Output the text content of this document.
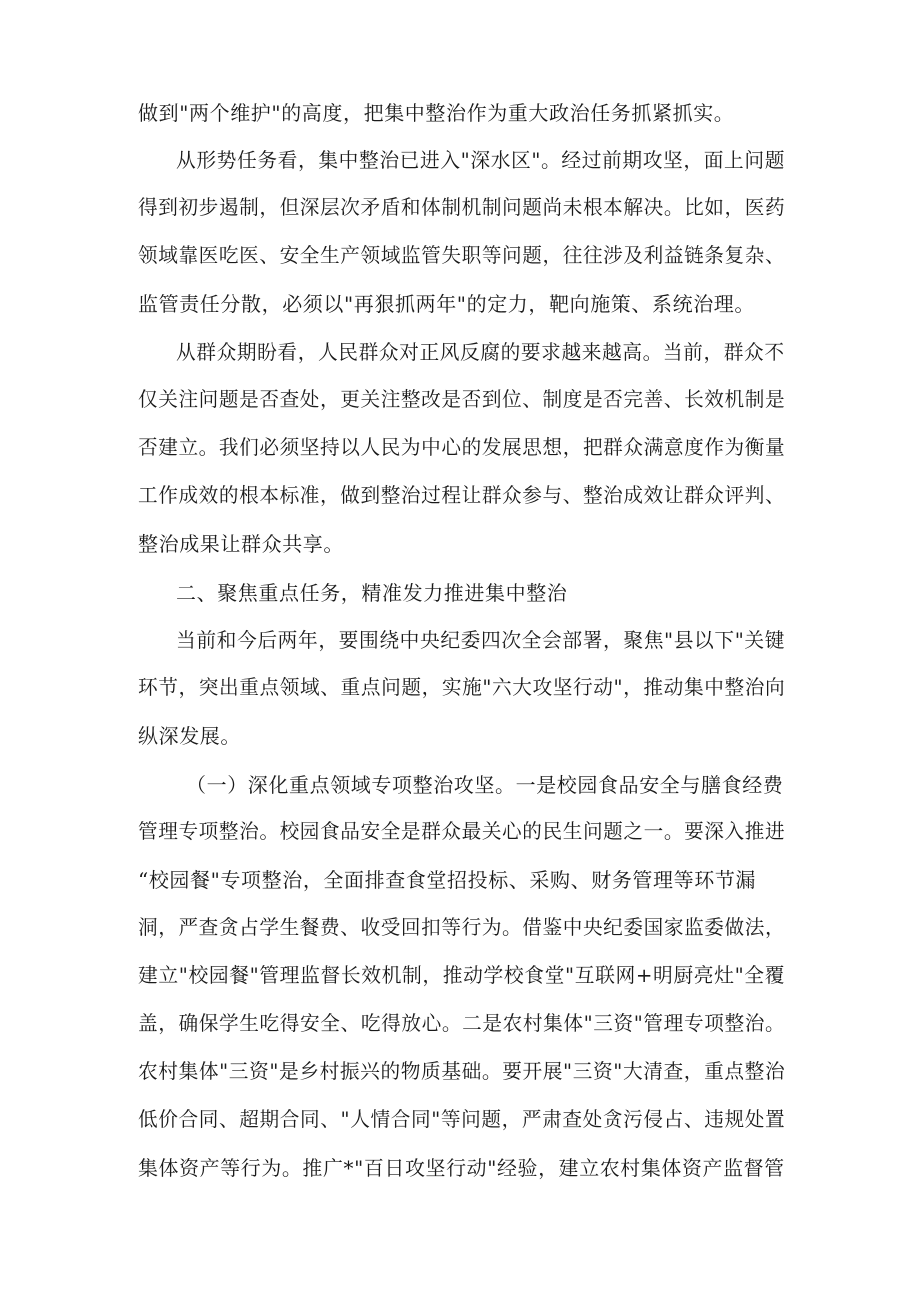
做到"两个维护"的高度，把集中整治作为重大政治任务抓紧抓实。
从形势任务看，集中整治已进入"深水区"。经过前期攻坚，面上问题
得到初步遏制，但深层次矛盾和体制机制问题尚未根本解决。比如，医药
领域靠医吃医、安全生产领域监管失职等问题，往往涉及利益链条复杂、
监管责任分散，必须以"再狠抓两年"的定力，靶向施策、系统治理。
从群众期盼看，人民群众对正风反腐的要求越来越高。当前，群众不
仅关注问题是否查处，更关注整改是否到位、制度是否完善、长效机制是
否建立。我们必须坚持以人民为中心的发展思想，把群众满意度作为衡量
工作成效的根本标准，做到整治过程让群众参与、整治成效让群众评判、
整治成果让群众共享。
二、聚焦重点任务，精准发力推进集中整治
当前和今后两年，要围绕中央纪委四次全会部署，聚焦"县以下"关键
环节，突出重点领域、重点问题，实施"六大攻坚行动"，推动集中整治向
纵深发展。
（一）深化重点领域专项整治攻坚。一是校园食品安全与膳食经费
管理专项整治。校园食品安全是群众最关心的民生问题之一。要深入推进
“校园餐"专项整治，全面排查食堂招投标、采购、财务管理等环节漏
洞，严查贪占学生餐费、收受回扣等行为。借鉴中央纪委国家监委做法，
建立"校园餐"管理监督长效机制，推动学校食堂"互联网+明厨亮灶"全覆
盖，确保学生吃得安全、吃得放心。二是农村集体"三资"管理专项整治。
农村集体"三资"是乡村振兴的物质基础。要开展"三资"大清查，重点整治
低价合同、超期合同、"人情合同"等问题，严肃查处贪污侵占、违规处置
集体资产等行为。推广*"百日攻坚行动"经验，建立农村集体资产监督管
